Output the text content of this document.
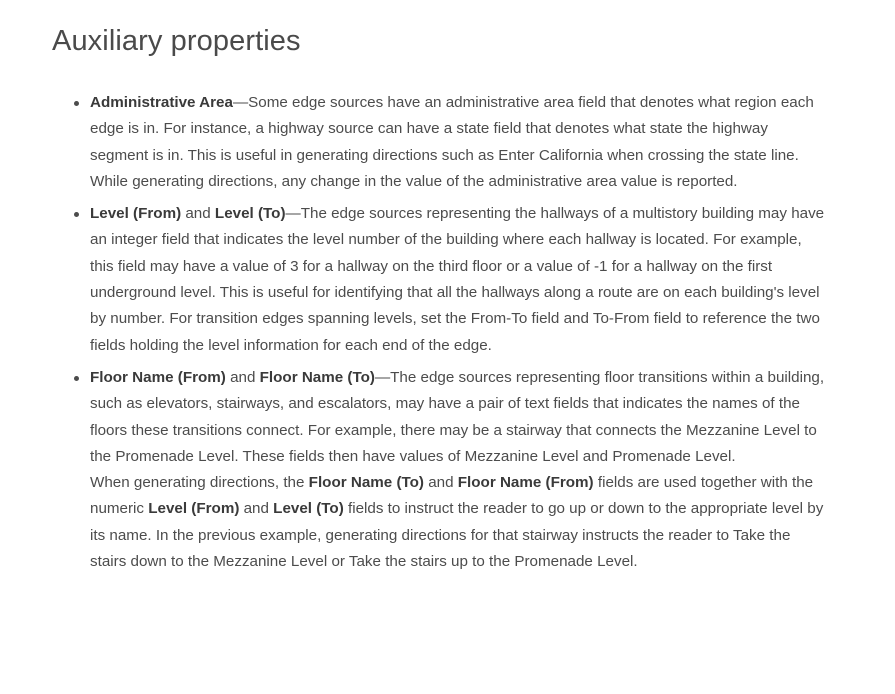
Auxiliary properties
Administrative Area—Some edge sources have an administrative area field that denotes what region each edge is in. For instance, a highway source can have a state field that denotes what state the highway segment is in. This is useful in generating directions such as Enter California when crossing the state line. While generating directions, any change in the value of the administrative area value is reported.
Level (From) and Level (To)—The edge sources representing the hallways of a multistory building may have an integer field that indicates the level number of the building where each hallway is located. For example, this field may have a value of 3 for a hallway on the third floor or a value of -1 for a hallway on the first underground level. This is useful for identifying that all the hallways along a route are on each building's level by number. For transition edges spanning levels, set the From-To field and To-From field to reference the two fields holding the level information for each end of the edge.
Floor Name (From) and Floor Name (To)—The edge sources representing floor transitions within a building, such as elevators, stairways, and escalators, may have a pair of text fields that indicates the names of the floors these transitions connect. For example, there may be a stairway that connects the Mezzanine Level to the Promenade Level. These fields then have values of Mezzanine Level and Promenade Level.
When generating directions, the Floor Name (To) and Floor Name (From) fields are used together with the numeric Level (From) and Level (To) fields to instruct the reader to go up or down to the appropriate level by its name. In the previous example, generating directions for that stairway instructs the reader to Take the stairs down to the Mezzanine Level or Take the stairs up to the Promenade Level.
